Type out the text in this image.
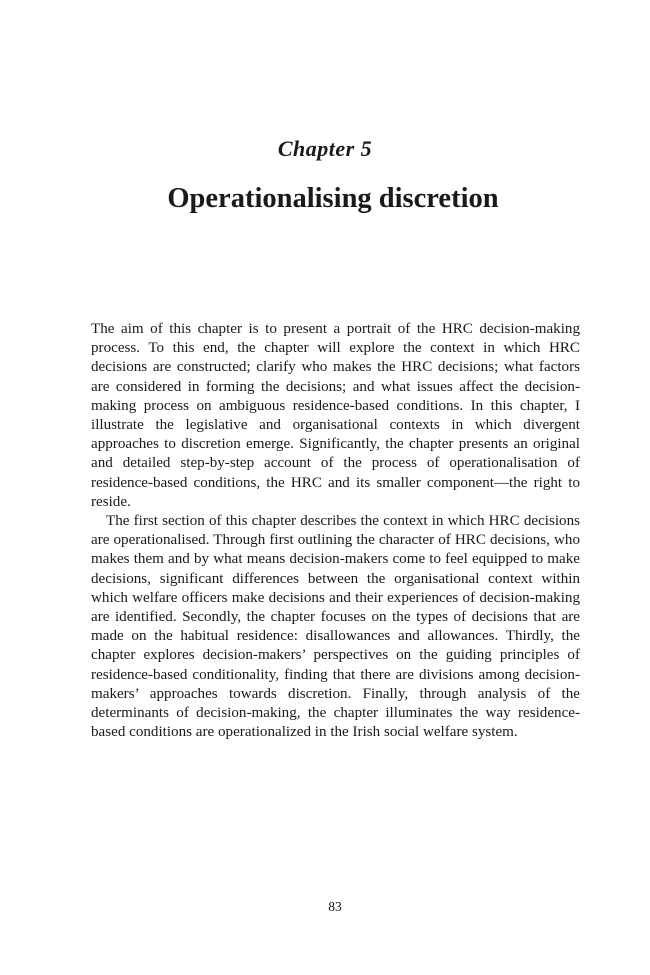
Chapter 5
Operationalising discretion

The aim of this chapter is to present a portrait of the HRC decision-making process. To this end, the chapter will explore the context in which HRC decisions are constructed; clarify who makes the HRC decisions; what factors are considered in forming the decisions; and what issues affect the decision-making process on ambiguous residence-based conditions. In this chapter, I illustrate the legislative and organisational contexts in which divergent approaches to discretion emerge. Significantly, the chapter presents an original and detailed step-by-step account of the process of operationalisation of residence-based conditions, the HRC and its smaller component—the right to reside.

The first section of this chapter describes the context in which HRC decisions are operationalised. Through first outlining the character of HRC decisions, who makes them and by what means decision-makers come to feel equipped to make decisions, significant differences between the organisational context within which welfare officers make decisions and their experiences of decision-making are identified. Secondly, the chapter focuses on the types of decisions that are made on the habitual residence: disallowances and allowances. Thirdly, the chapter explores decision-makers’ perspectives on the guiding principles of residence-based conditionality, finding that there are divisions among decision-makers’ approaches towards discretion. Finally, through analysis of the determinants of decision-making, the chapter illuminates the way residence-based conditions are operationalized in the Irish social welfare system.

83
